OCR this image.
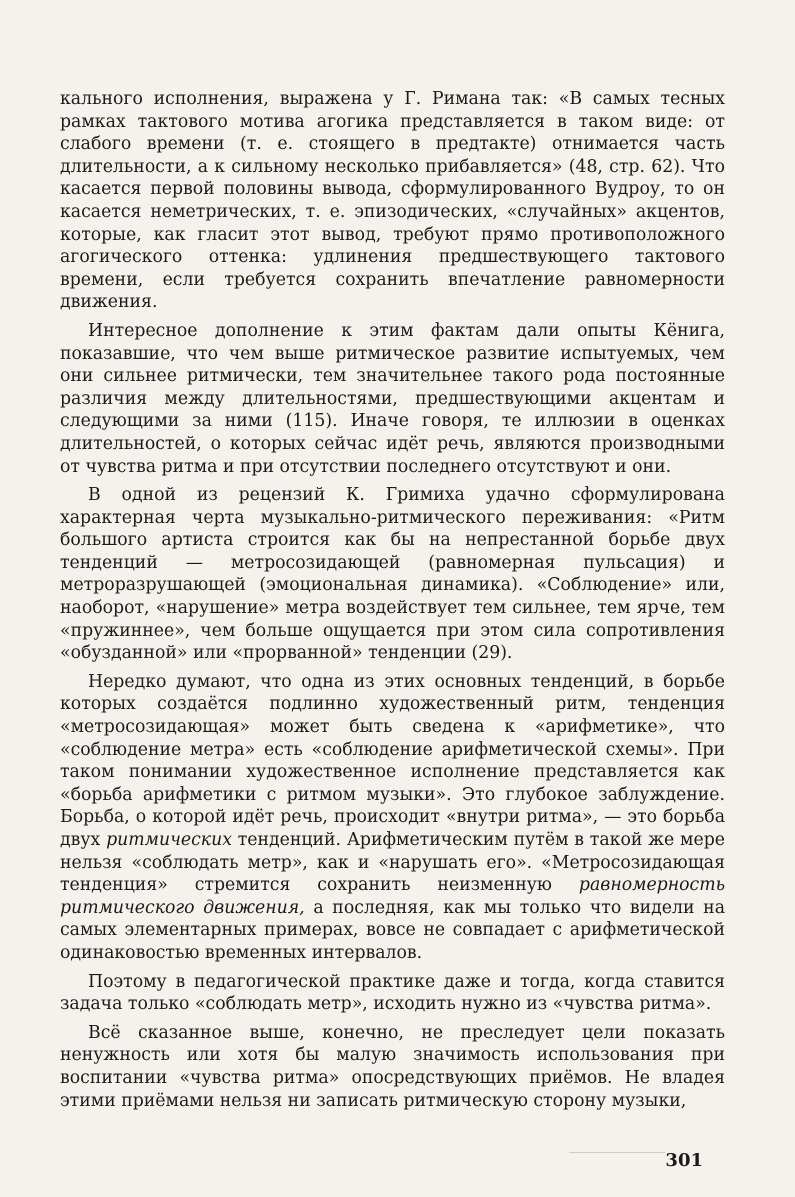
кального исполнения, выражена у Г. Римана так: «В самых тесных рамках тактового мотива агогика представляется в таком виде: от слабого времени (т. е. стоящего в предтакте) отнимается часть длительности, а к сильному несколько прибавляется» (48, стр. 62). Что касается первой половины вывода, сформулированного Вудроу, то он касается неметрических, т. е. эпизодических, «случайных» акцентов, которые, как гласит этот вывод, требуют прямо противоположного агогического оттенка: удлинения предшествующего тактового времени, если требуется сохранить впечатление равномерности движения.

Интересное дополнение к этим фактам дали опыты Кёнига, показавшие, что чем выше ритмическое развитие испытуемых, чем они сильнее ритмически, тем значительнее такого рода постоянные различия между длительностями, предшествующими акцентам и следующими за ними (115). Иначе говоря, те иллюзии в оценках длительностей, о которых сейчас идёт речь, являются производными от чувства ритма и при отсутствии последнего отсутствуют и они.

В одной из рецензий К. Гримиха удачно сформулирована характерная черта музыкально-ритмического переживания: «Ритм большого артиста строится как бы на непрестанной борьбе двух тенденций — метросозидающей (равномерная пульсация) и метроразрушающей (эмоциональная динамика). «Соблюдение» или, наоборот, «нарушение» метра воздействует тем сильнее, тем ярче, тем «пружиннее», чем больше ощущается при этом сила сопротивления «обузданной» или «прорванной» тенденции (29).

Нередко думают, что одна из этих основных тенденций, в борьбе которых создаётся подлинно художественный ритм, тенденция «метросозидающая» может быть сведена к «арифметике», что «соблюдение метра» есть «соблюдение арифметической схемы». При таком понимании художественное исполнение представляется как «борьба арифметики с ритмом музыки». Это глубокое заблуждение. Борьба, о которой идёт речь, происходит «внутри ритма», — это борьба двух ритмических тенденций. Арифметическим путём в такой же мере нельзя «соблюдать метр», как и «нарушать его». «Метросозидающая тенденция» стремится сохранить неизменную равномерность ритмического движения, а последняя, как мы только что видели на самых элементарных примерах, вовсе не совпадает с арифметической одинаковостью временных интервалов.

Поэтому в педагогической практике даже и тогда, когда ставится задача только «соблюдать метр», исходить нужно из «чувства ритма».

Всё сказанное выше, конечно, не преследует цели показать ненужность или хотя бы малую значимость использования при воспитании «чувства ритма» опосредствующих приёмов. Не владея этими приёмами нельзя ни записать ритмическую сторону музыки,

301
